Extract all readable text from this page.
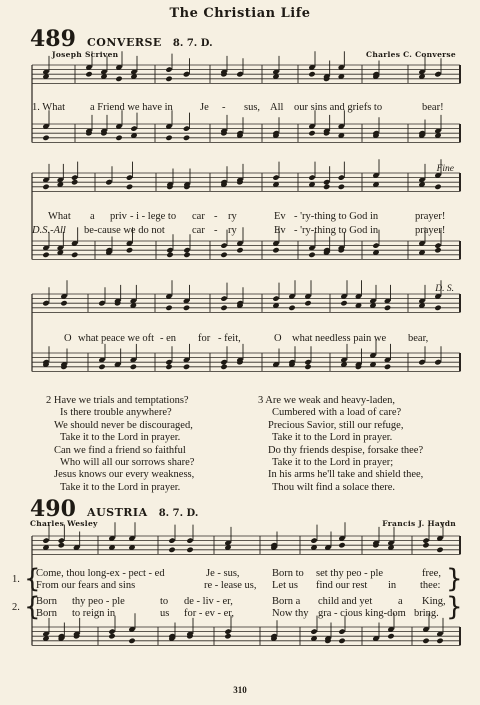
The Christian Life
489 CONVERSE 8. 7. D.
Joseph Scriven	Charles C. Converse
1. What a Friend we have in	Je - sus, All our sins and griefs to	bear!
Fine
What a priv - i - lege to car - ry	Ev - 'ry-thing to God in	prayer!
D.S.-All be-cause we do not	car - ry	Ev - 'ry-thing to God in	prayer!
D. S.
O what peace we oft - en for - feit,	O what needless pain we bear,
2 Have we trials and temptations?
Is there trouble anywhere?
We should never be discouraged,
Take it to the Lord in prayer.
Can we find a friend so faithful
Who will all our sorrows share?
Jesus knows our every weakness,
Take it to the Lord in prayer.
3 Are we weak and heavy-laden,
Cumbered with a load of care?
Precious Savior, still our refuge,
Take it to the Lord in prayer.
Do thy friends despise, forsake thee?
Take it to the Lord in prayer;
In his arms he'll take and shield thee,
Thou wilt find a solace there.
490 AUSTRIA 8. 7. D.
Charles Wesley	Francis J. Haydn
1.
2.
{
{
}
}
Come, thou long-ex - pect - ed	Je - sus,	Born to set thy peo - ple	free,
From our fears and sins	re - lease us, Let us find our rest in thee:
Born thy peo - ple	to de - liv - er,	Born a child and yet a King,
Born to reign in	us for - ev - er,	Now thy gra - cious king-dom bring.
310
